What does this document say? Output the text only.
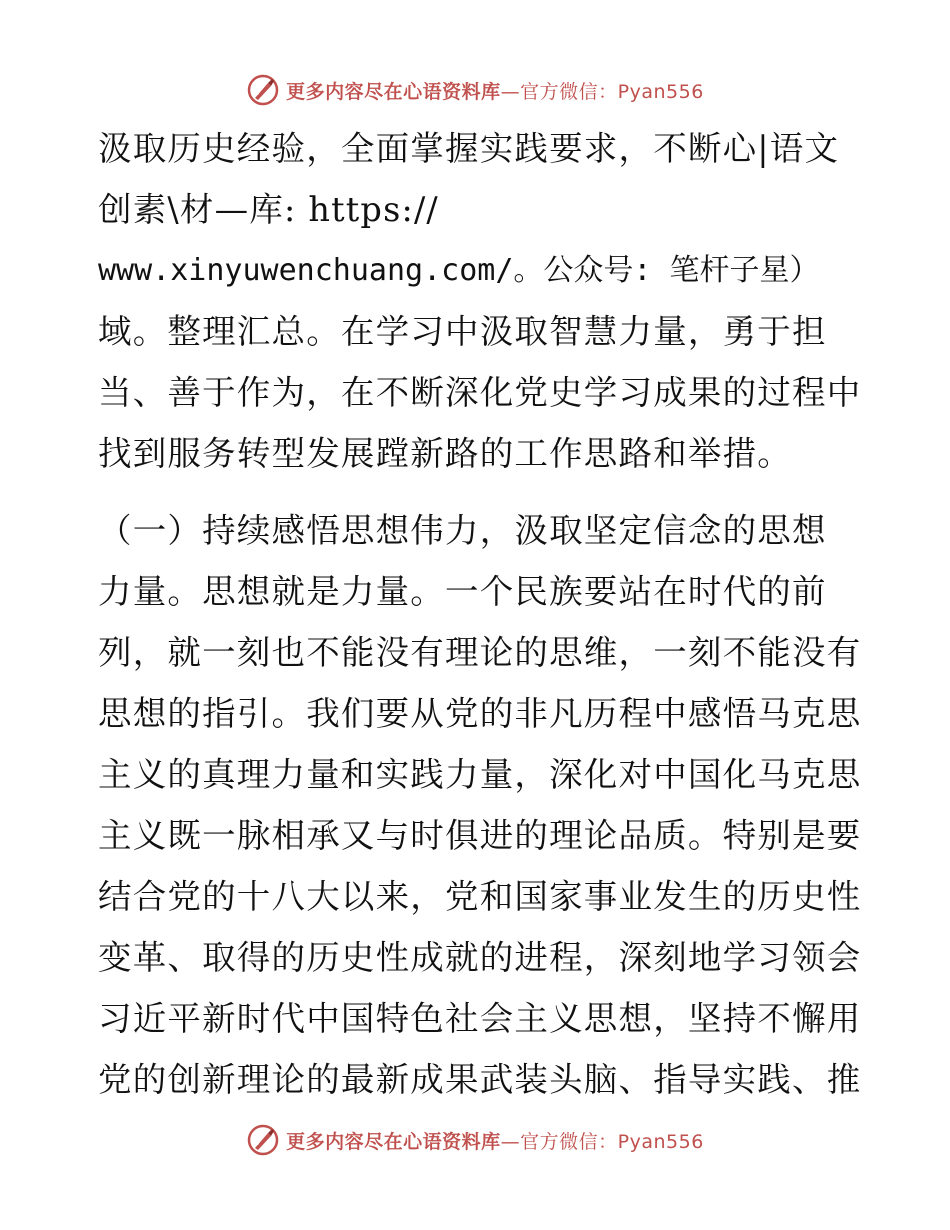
更多内容尽在心语资料库—官方微信：Pyan556
汲取历史经验，全面掌握实践要求，不断心|语文
创素\材—库: https://
www.xinyuwenchuang.com/。公众号: 笔杆子星）
域。整理汇总。在学习中汲取智慧力量，勇于担
当、善于作为，在不断深化党史学习成果的过程中
找到服务转型发展蹚新路的工作思路和举措。
（一）持续感悟思想伟力，汲取坚定信念的思想
力量。思想就是力量。一个民族要站在时代的前
列，就一刻也不能没有理论的思维，一刻不能没有
思想的指引。我们要从党的非凡历程中感悟马克思
主义的真理力量和实践力量，深化对中国化马克思
主义既一脉相承又与时俱进的理论品质。特别是要
结合党的十八大以来，党和国家事业发生的历史性
变革、取得的历史性成就的进程，深刻地学习领会
习近平新时代中国特色社会主义思想，坚持不懈用
党的创新理论的最新成果武装头脑、指导实践、推
更多内容尽在心语资料库—官方微信：Pyan556
